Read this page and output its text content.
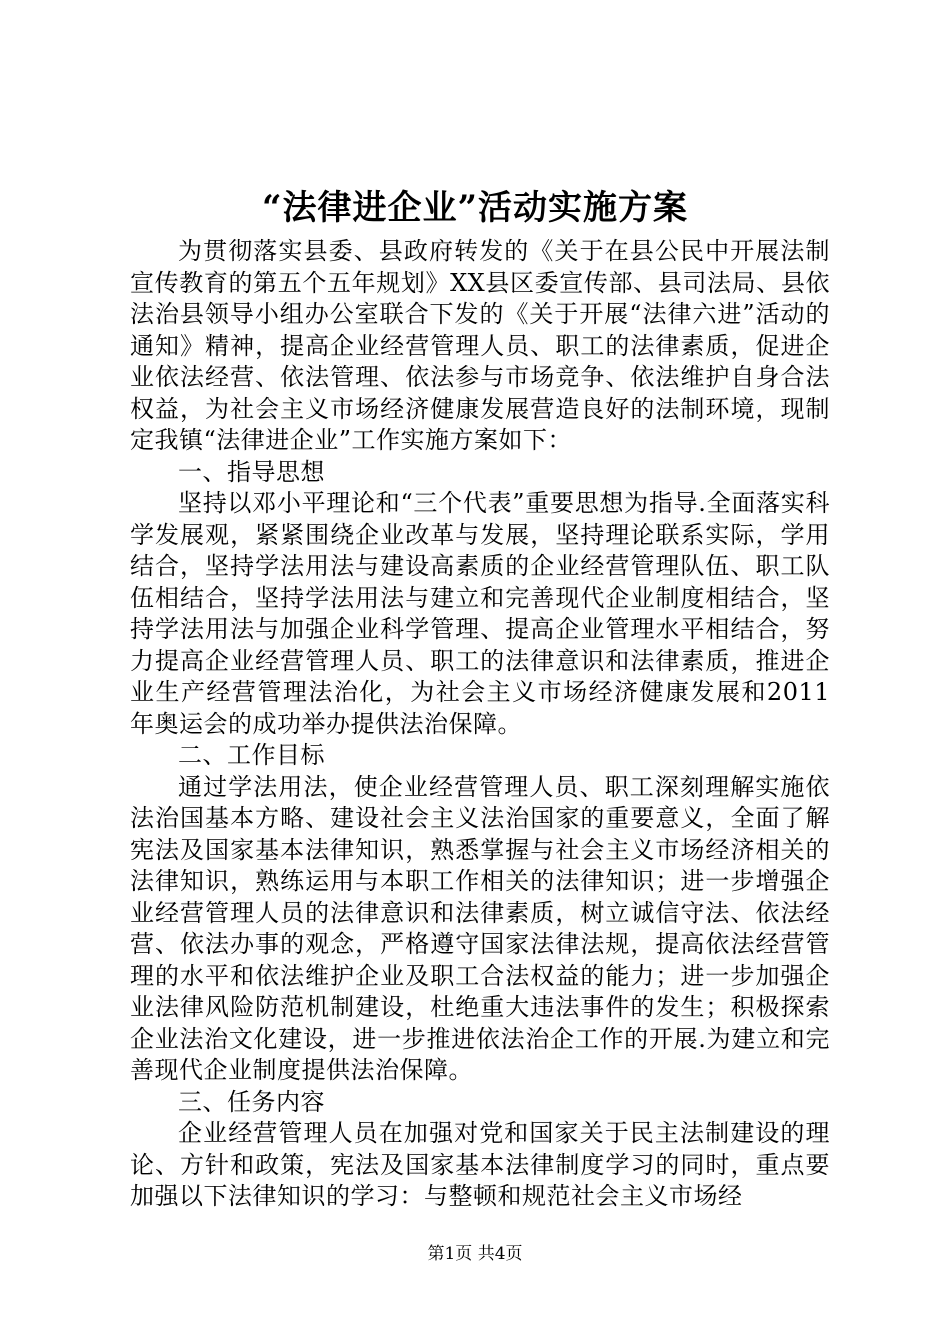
“法律进企业”活动实施方案

为贯彻落实县委、县政府转发的《关于在县公民中开展法制宣传教育的第五个五年规划》XX县区委宣传部、县司法局、县依法治县领导小组办公室联合下发的《关于开展“法律六进”活动的通知》精神，提高企业经营管理人员、职工的法律素质，促进企业依法经营、依法管理、依法参与市场竞争、依法维护自身合法权益，为社会主义市场经济健康发展营造良好的法制环境，现制定我镇“法律进企业”工作实施方案如下：

一、指导思想

坚持以邓小平理论和“三个代表”重要思想为指导.全面落实科学发展观，紧紧围绕企业改革与发展，坚持理论联系实际，学用结合，坚持学法用法与建设高素质的企业经营管理队伍、职工队伍相结合，坚持学法用法与建立和完善现代企业制度相结合，坚持学法用法与加强企业科学管理、提高企业管理水平相结合，努力提高企业经营管理人员、职工的法律意识和法律素质，推进企业生产经营管理法治化，为社会主义市场经济健康发展和2011年奥运会的成功举办提供法治保障。

二、工作目标

通过学法用法，使企业经营管理人员、职工深刻理解实施依法治国基本方略、建设社会主义法治国家的重要意义，全面了解宪法及国家基本法律知识，熟悉掌握与社会主义市场经济相关的法律知识，熟练运用与本职工作相关的法律知识；进一步增强企业经营管理人员的法律意识和法律素质，树立诚信守法、依法经营、依法办事的观念，严格遵守国家法律法规，提高依法经营管理的水平和依法维护企业及职工合法权益的能力；进一步加强企业法律风险防范机制建设，杜绝重大违法事件的发生；积极探索企业法治文化建设，进一步推进依法治企工作的开展.为建立和完善现代企业制度提供法治保障。

三、任务内容

企业经营管理人员在加强对党和国家关于民主法制建设的理论、方针和政策，宪法及国家基本法律制度学习的同时，重点要加强以下法律知识的学习：与整顿和规范社会主义市场经

第1页 共4页
